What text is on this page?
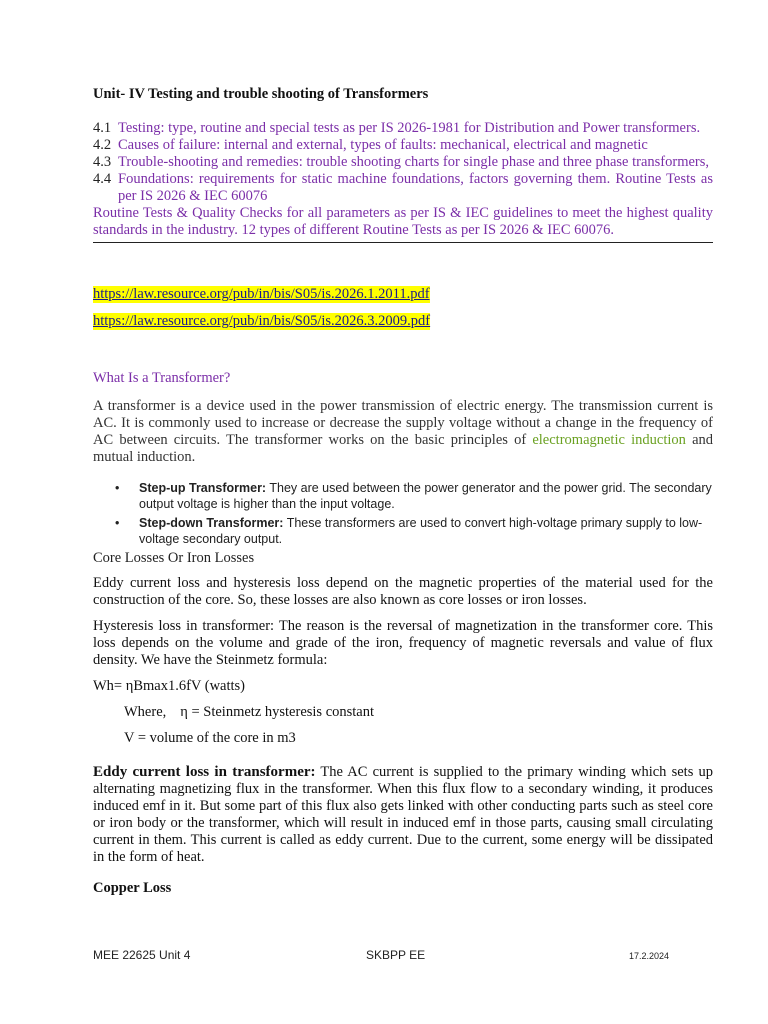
Unit- IV Testing and trouble shooting of Transformers
4.1 Testing: type, routine and special tests as per IS 2026-1981 for Distribution and Power transformers.
4.2 Causes of failure: internal and external, types of faults: mechanical, electrical and magnetic
4.3 Trouble-shooting and remedies: trouble shooting charts for single phase and three phase transformers,
4.4 Foundations: requirements for static machine foundations, factors governing them. Routine Tests as per IS 2026 & IEC 60076
Routine Tests & Quality Checks for all parameters as per IS & IEC guidelines to meet the highest quality standards in the industry. 12 types of different Routine Tests as per IS 2026 & IEC 60076.
https://law.resource.org/pub/in/bis/S05/is.2026.1.2011.pdf
https://law.resource.org/pub/in/bis/S05/is.2026.3.2009.pdf
What Is a Transformer?
A transformer is a device used in the power transmission of electric energy. The transmission current is AC. It is commonly used to increase or decrease the supply voltage without a change in the frequency of AC between circuits. The transformer works on the basic principles of electromagnetic induction and mutual induction.
• Step-up Transformer: They are used between the power generator and the power grid. The secondary output voltage is higher than the input voltage.
• Step-down Transformer: These transformers are used to convert high-voltage primary supply to low-voltage secondary output.
Core Losses Or Iron Losses
Eddy current loss and hysteresis loss depend on the magnetic properties of the material used for the construction of the core. So, these losses are also known as core losses or iron losses.
Hysteresis loss in transformer: The reason is the reversal of magnetization in the transformer core. This loss depends on the volume and grade of the iron, frequency of magnetic reversals and value of flux density. We have the Steinmetz formula:
Wh= ηBmax1.6fV (watts)
Where, η = Steinmetz hysteresis constant
V = volume of the core in m3
Eddy current loss in transformer: The AC current is supplied to the primary winding which sets up alternating magnetizing flux in the transformer. When this flux flow to a secondary winding, it produces induced emf in it. But some part of this flux also gets linked with other conducting parts such as steel core or iron body or the transformer, which will result in induced emf in those parts, causing small circulating current in them. This current is called as eddy current. Due to the current, some energy will be dissipated in the form of heat.
Copper Loss
MEE 22625 Unit 4	SKBPP EE	17.2.2024
